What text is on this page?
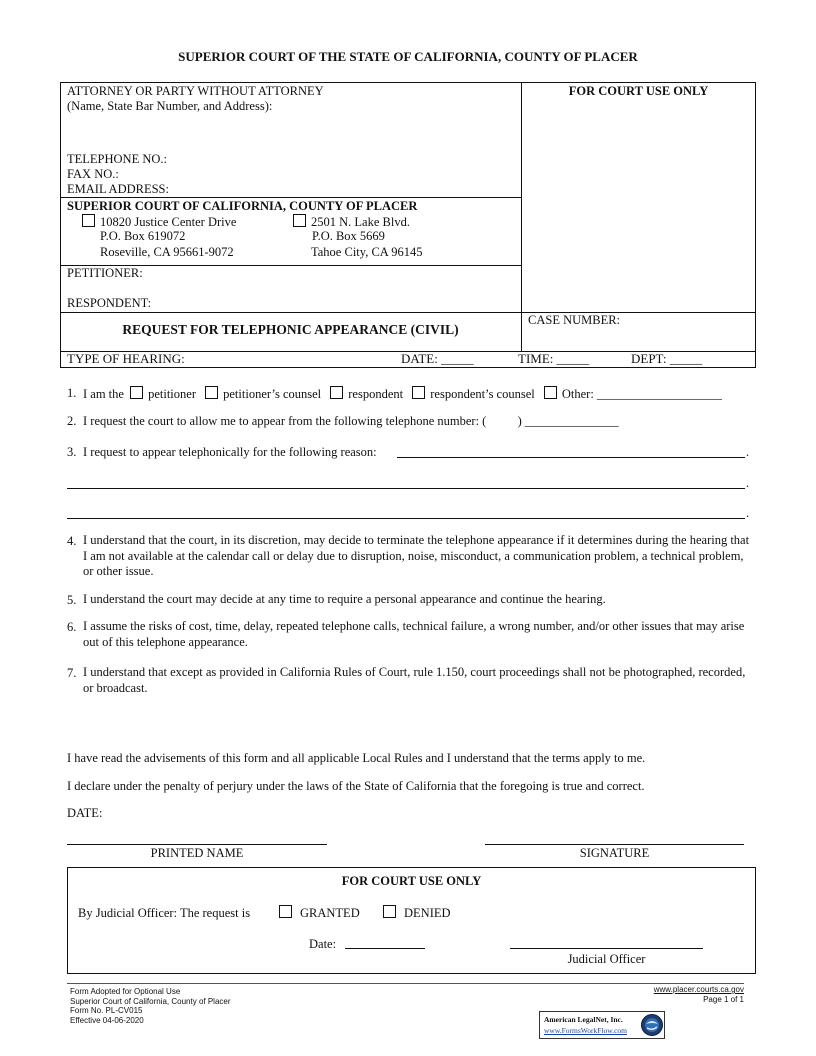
SUPERIOR COURT OF THE STATE OF CALIFORNIA, COUNTY OF PLACER
ATTORNEY OR PARTY WITHOUT ATTORNEY
(Name, State Bar Number, and Address):
TELEPHONE NO.:
FAX NO.:
EMAIL ADDRESS:
FOR COURT USE ONLY
SUPERIOR COURT OF CALIFORNIA, COUNTY OF PLACER
10820 Justice Center Drive
P.O. Box 619072
Roseville, CA 95661-9072
2501 N. Lake Blvd.
P.O. Box 5669
Tahoe City, CA 96145
PETITIONER:
RESPONDENT:
REQUEST FOR TELEPHONIC APPEARANCE (CIVIL)
CASE NUMBER:
TYPE OF HEARING:	DATE: _____	TIME: _____	DEPT: _____
1. I am the petitioner petitioner’s counsel respondent respondent’s counsel Other: ____________________
2. I request the court to allow me to appear from the following telephone number: (          ) _______________
3. I request to appear telephonically for the following reason:	.
.
.
4. I understand that the court, in its discretion, may decide to terminate the telephone appearance if it determines during the hearing that I am not available at the calendar call or delay due to disruption, noise, misconduct, a communication problem, a technical problem, or other issue.
5. I understand the court may decide at any time to require a personal appearance and continue the hearing.
6. I assume the risks of cost, time, delay, repeated telephone calls, technical failure, a wrong number, and/or other issues that may arise out of this telephone appearance.
7. I understand that except as provided in California Rules of Court, rule 1.150, court proceedings shall not be photographed, recorded, or broadcast.
I have read the advisements of this form and all applicable Local Rules and I understand that the terms apply to me.
I declare under the penalty of perjury under the laws of the State of California that the foregoing is true and correct.
DATE:
PRINTED NAME	SIGNATURE
FOR COURT USE ONLY
By Judicial Officer: The request is	GRANTED	DENIED
Date:
Judicial Officer
Form Adopted for Optional Use
Superior Court of California, County of Placer
Form No. PL-CV015
Effective 04-06-2020
www.placer.courts.ca.gov
Page 1 of 1
American LegalNet, Inc.
www.FormsWorkFlow.com
